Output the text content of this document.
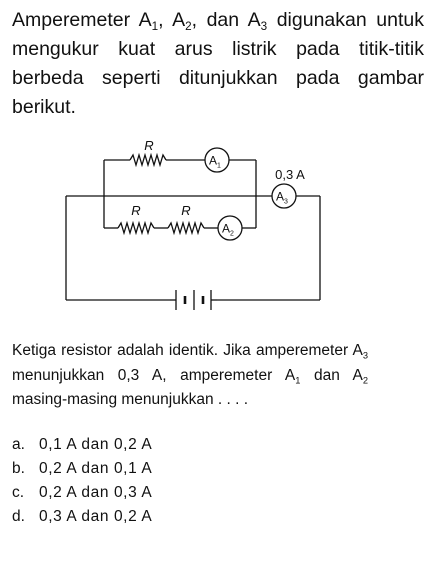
Amperemeter $A_1$, $A_2$, dan $A_3$ digunakan untuk mengukur kuat arus listrik pada titik-titik berbeda seperti ditunjukkan pada gambar berikut.

R
R	R
$A_1$
$A_2$
$A_3$
0,3 A

Ketiga resistor adalah identik. Jika amperemeter $A_3$ menunjukkan 0,3 A, amperemeter $A_1$ dan $A_2$ masing-masing menunjukkan . . . .

a. 0,1 A dan 0,2 A
b. 0,2 A dan 0,1 A
c. 0,2 A dan 0,3 A
d. 0,3 A dan 0,2 A
